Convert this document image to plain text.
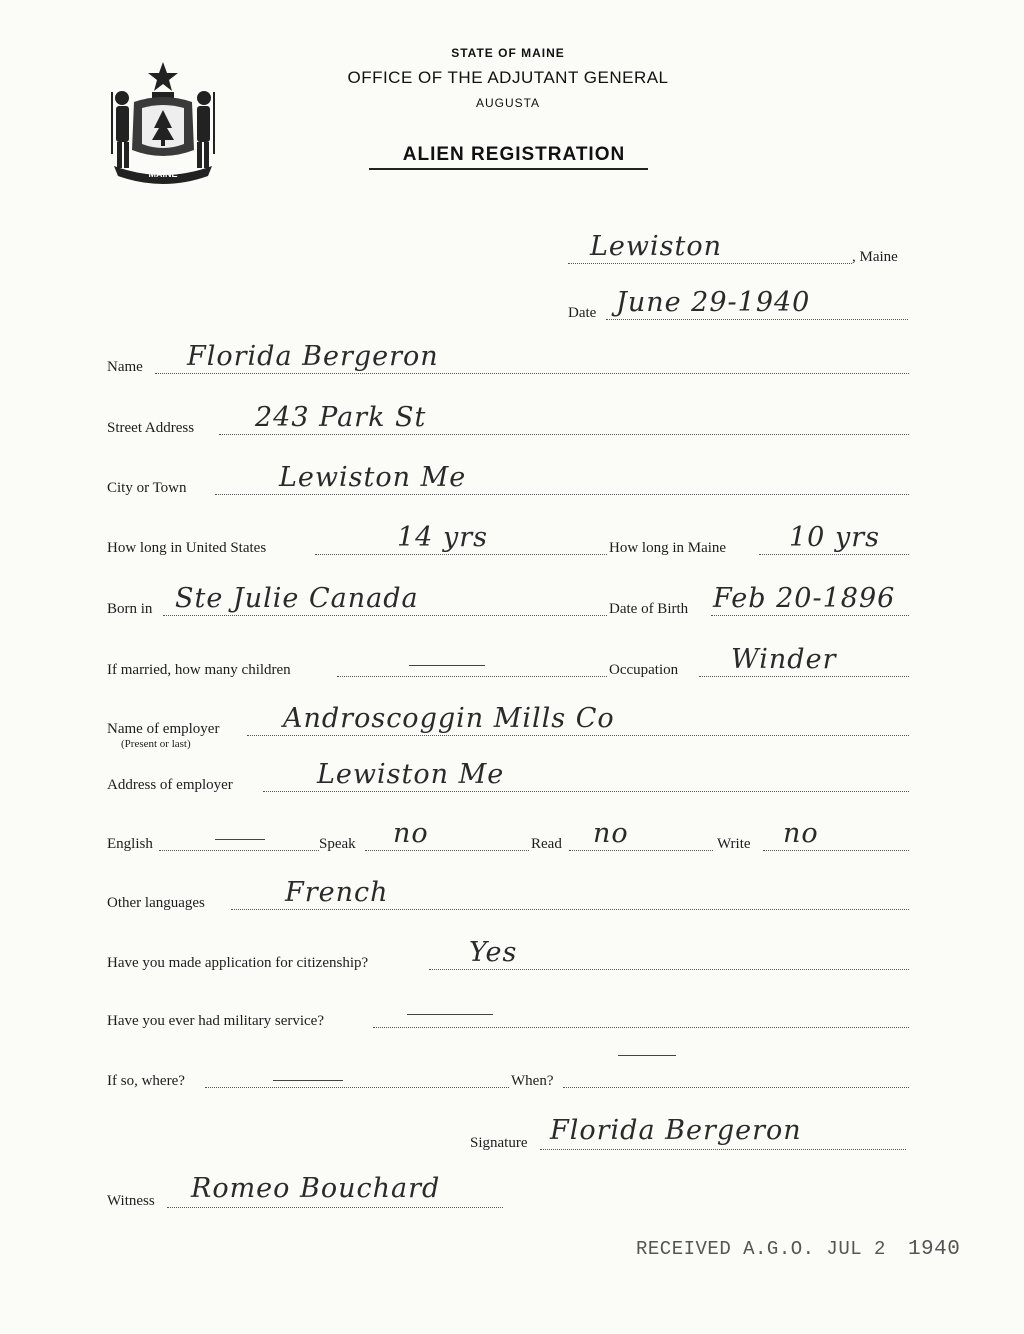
MAINE
STATE OF MAINE
OFFICE OF THE ADJUTANT GENERAL
AUGUSTA
ALIEN REGISTRATION
Lewiston	, Maine
Date June 29-1940
Name Florida Bergeron
Street Address 243 Park St
City or Town	Lewiston Me
How long in United States	14 yrs	How long in Maine 10 yrs
Born in Ste Julie Canada	Date of Birth Feb 20-1896
If married, how many children	Occupation Winder
Name of employer
(Present or last)
Androscoggin Mills Co
Address of employer	Lewiston Me
English	Speak no	Read no	Write no
Other languages	French
Have you made application for citizenship?	Yes
Have you ever had military service?
If so, where?	When?
Signature Florida Bergeron
Witness Romeo Bouchard
RECEIVED A.G.O. JUL 2 1940
